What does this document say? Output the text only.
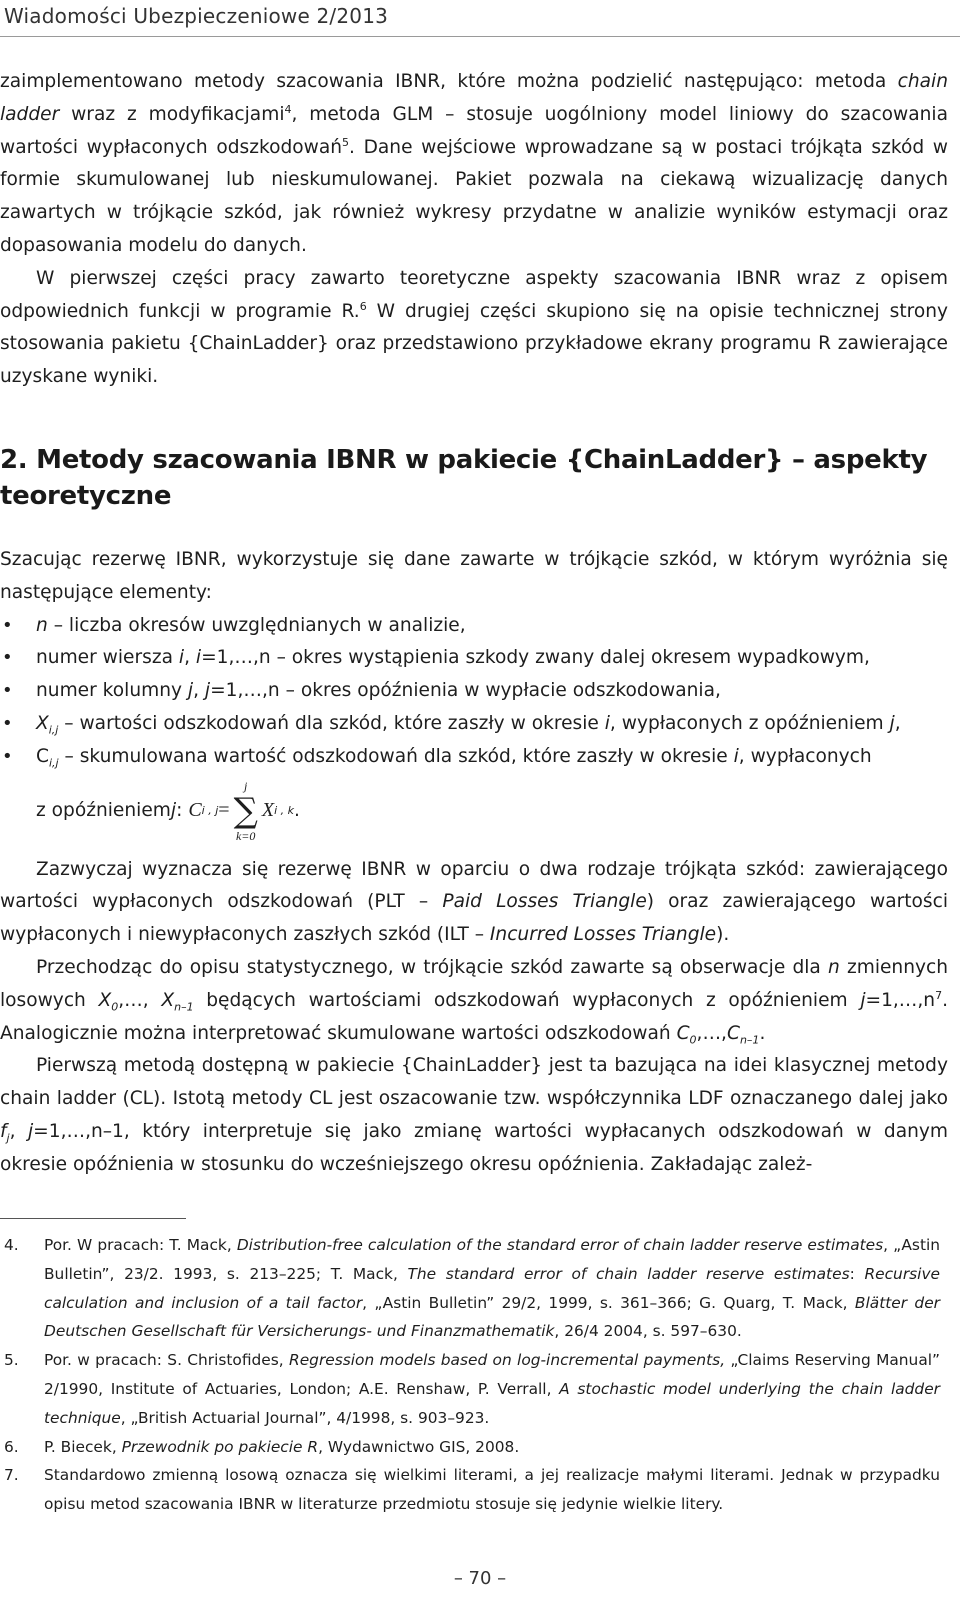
Wiadomości Ubezpieczeniowe 2/2013

zaimplementowano metody szacowania IBNR, które można podzielić następująco: metoda chain ladder wraz z modyfikacjami$^4$, metoda GLM – stosuje uogólniony model liniowy do szacowania wartości wypłaconych odszkodowań$^5$. Dane wejściowe wprowadzane są w postaci trójkąta szkód w formie skumulowanej lub nieskumulowanej. Pakiet pozwala na ciekawą wizualizację danych zawartych w trójkącie szkód, jak również wykresy przydatne w analizie wyników estymacji oraz dopasowania modelu do danych.

W pierwszej części pracy zawarto teoretyczne aspekty szacowania IBNR wraz z opisem odpowiednich funkcji w programie R.$^6$ W drugiej części skupiono się na opisie technicznej strony stosowania pakietu {ChainLadder} oraz przedstawiono przykładowe ekrany programu R zawierające uzyskane wyniki.

2. Metody szacowania IBNR w pakiecie {ChainLadder} – aspekty teoretyczne

Szacując rezerwę IBNR, wykorzystuje się dane zawarte w trójkącie szkód, w którym wyróżnia się następujące elementy:

• n – liczba okresów uwzględnianych w analizie,
• numer wiersza i, i=1,…,n – okres wystąpienia szkody zwany dalej okresem wypadkowym,
• numer kolumny j, j=1,…,n – okres opóźnienia w wypłacie odszkodowania,
• $X_{i,j}$ – wartości odszkodowań dla szkód, które zaszły w okresie i, wypłaconych z opóźnieniem j,
• $C_{i,j}$ – skumulowana wartość odszkodowań dla szkód, które zaszły w okresie i, wypłaconych
z opóźnieniem j : C i , j =
j
∑
k=0
X i , k .

Zazwyczaj wyznacza się rezerwę IBNR w oparciu o dwa rodzaje trójkąta szkód: zawierającego wartości wypłaconych odszkodowań (PLT – Paid Losses Triangle) oraz zawierającego wartości wypłaconych i niewypłaconych zaszłych szkód (ILT – Incurred Losses Triangle).

Przechodząc do opisu statystycznego, w trójkącie szkód zawarte są obserwacje dla n zmiennych losowych $X_0,\dots$, $X_{n-1}$ będących wartościami odszkodowań wypłaconych z opóźnieniem j=1,…,n$^7$. Analogicznie można interpretować skumulowane wartości odszkodowań $C_0,\dots,C_{n-1}$.

Pierwszą metodą dostępną w pakiecie {ChainLadder} jest ta bazująca na idei klasycznej metody chain ladder (CL). Istotą metody CL jest oszacowanie tzw. współczynnika LDF oznaczanego dalej jako $f_j$, j=1,…,n–1, który interpretuje się jako zmianę wartości wypłacanych odszkodowań w danym okresie opóźnienia w stosunku do wcześniejszego okresu opóźnienia. Zakładając zależ-

4.	Por. W pracach: T. Mack, Distribution-free calculation of the standard error of chain ladder reserve estimates, „Astin Bulletin”, 23/2. 1993, s. 213–225; T. Mack, The standard error of chain ladder reserve estimates: Recursive calculation and inclusion of a tail factor, „Astin Bulletin” 29/2, 1999, s. 361–366; G. Quarg, T. Mack, Blätter der Deutschen Gesellschaft für Versicherungs- und Finanzmathematik, 26/4 2004, s. 597–630.
5.	Por. w pracach: S. Christofides, Regression models based on log-incremental payments, „Claims Reserving Manual” 2/1990, Institute of Actuaries, London; A.E. Renshaw, P. Verrall, A stochastic model underlying the chain ladder technique, „British Actuarial Journal”, 4/1998, s. 903–923.
6.	P. Biecek, Przewodnik po pakiecie R, Wydawnictwo GIS, 2008.
7.	Standardowo zmienną losową oznacza się wielkimi literami, a jej realizacje małymi literami. Jednak w przypadku opisu metod szacowania IBNR w literaturze przedmiotu stosuje się jedynie wielkie litery.
– 70 –
